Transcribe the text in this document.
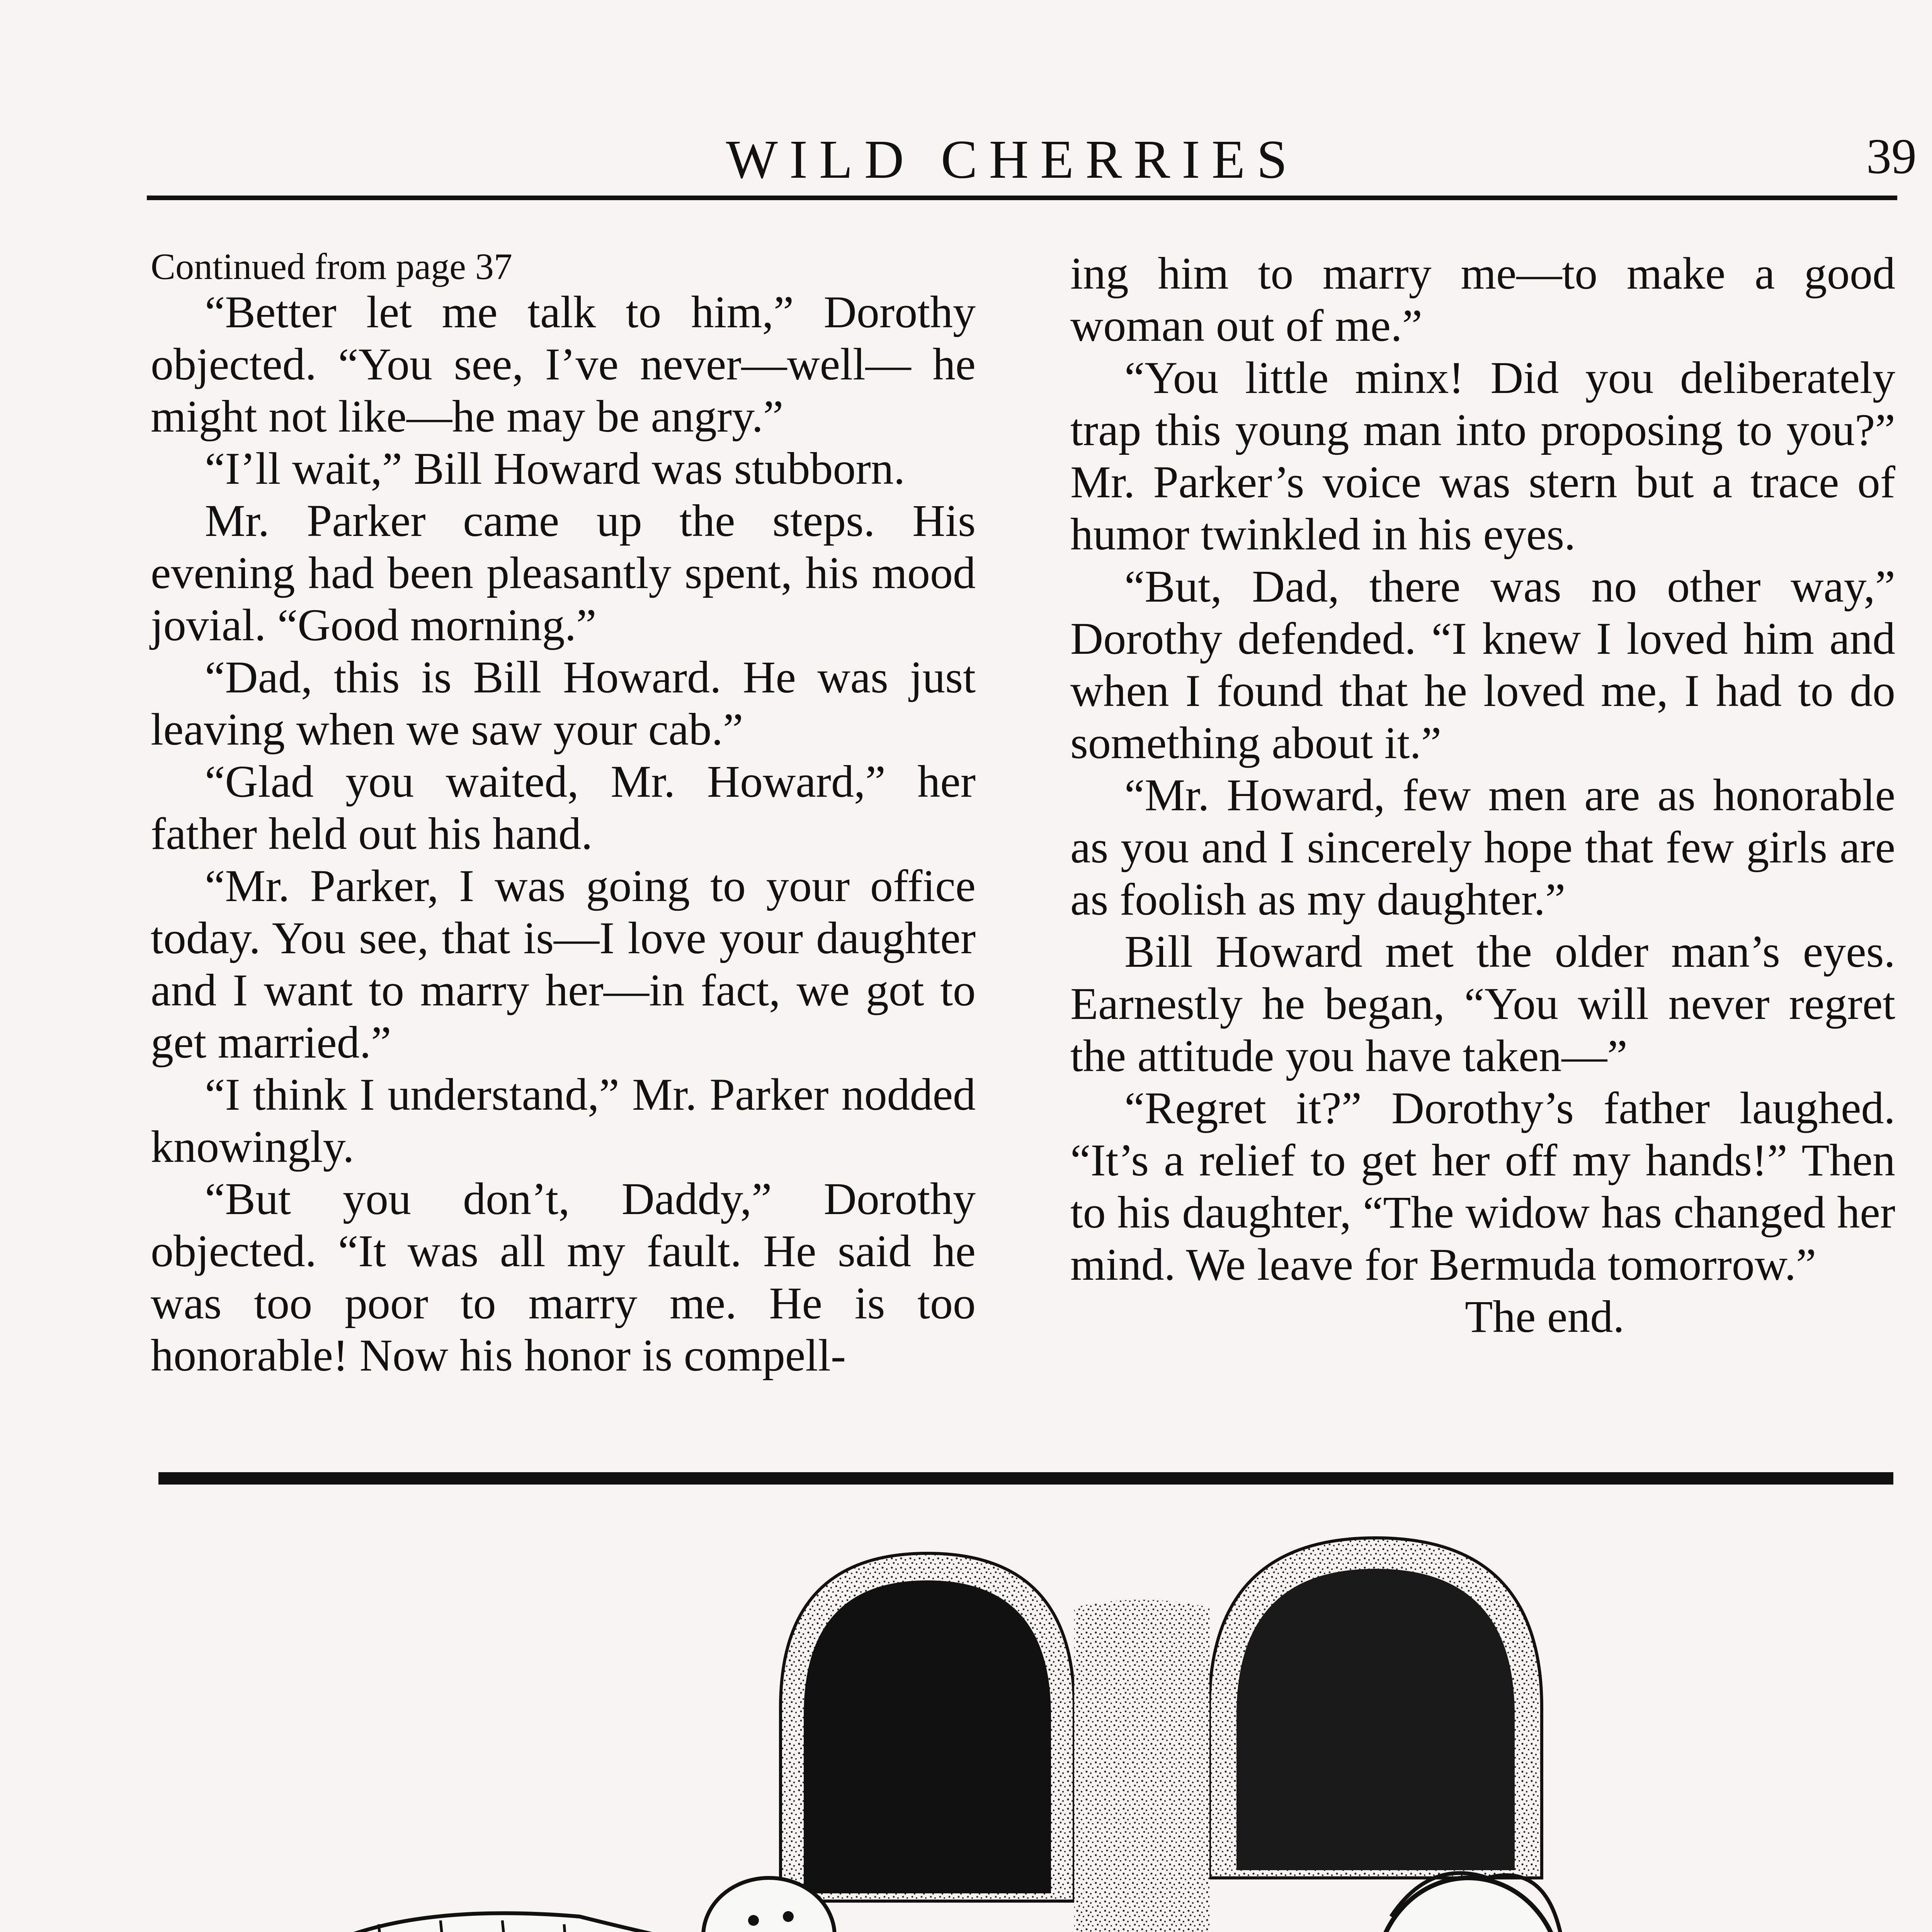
WILD CHERRIES	39

Continued from page 37

“Better let me talk to him,” Dorothy objected. “You see, I’ve never—well— he might not like—he may be angry.”

“I’ll wait,” Bill Howard was stubborn.

Mr. Parker came up the steps. His evening had been pleasantly spent, his mood jovial. “Good morning.”

“Dad, this is Bill Howard. He was just leaving when we saw your cab.”

“Glad you waited, Mr. Howard,” her father held out his hand.

“Mr. Parker, I was going to your office today. You see, that is—I love your daughter and I want to marry her—in fact, we got to get married.”

“I think I understand,” Mr. Parker nodded knowingly.

“But you don’t, Daddy,” Dorothy objected. “It was all my fault. He said he was too poor to marry me. He is too honorable! Now his honor is compell-

ing him to marry me—to make a good woman out of me.”

“You little minx! Did you deliberately trap this young man into proposing to you?” Mr. Parker’s voice was stern but a trace of humor twinkled in his eyes.

“But, Dad, there was no other way,” Dorothy defended. “I knew I loved him and when I found that he loved me, I had to do something about it.”

“Mr. Howard, few men are as honorable as you and I sincerely hope that few girls are as foolish as my daughter.”

Bill Howard met the older man’s eyes. Earnestly he began, “You will never regret the attitude you have taken—”

“Regret it?” Dorothy’s father laughed. “It’s a relief to get her off my hands!” Then to his daughter, “The widow has changed her mind. We leave for Bermuda tomorrow.”

The end.
